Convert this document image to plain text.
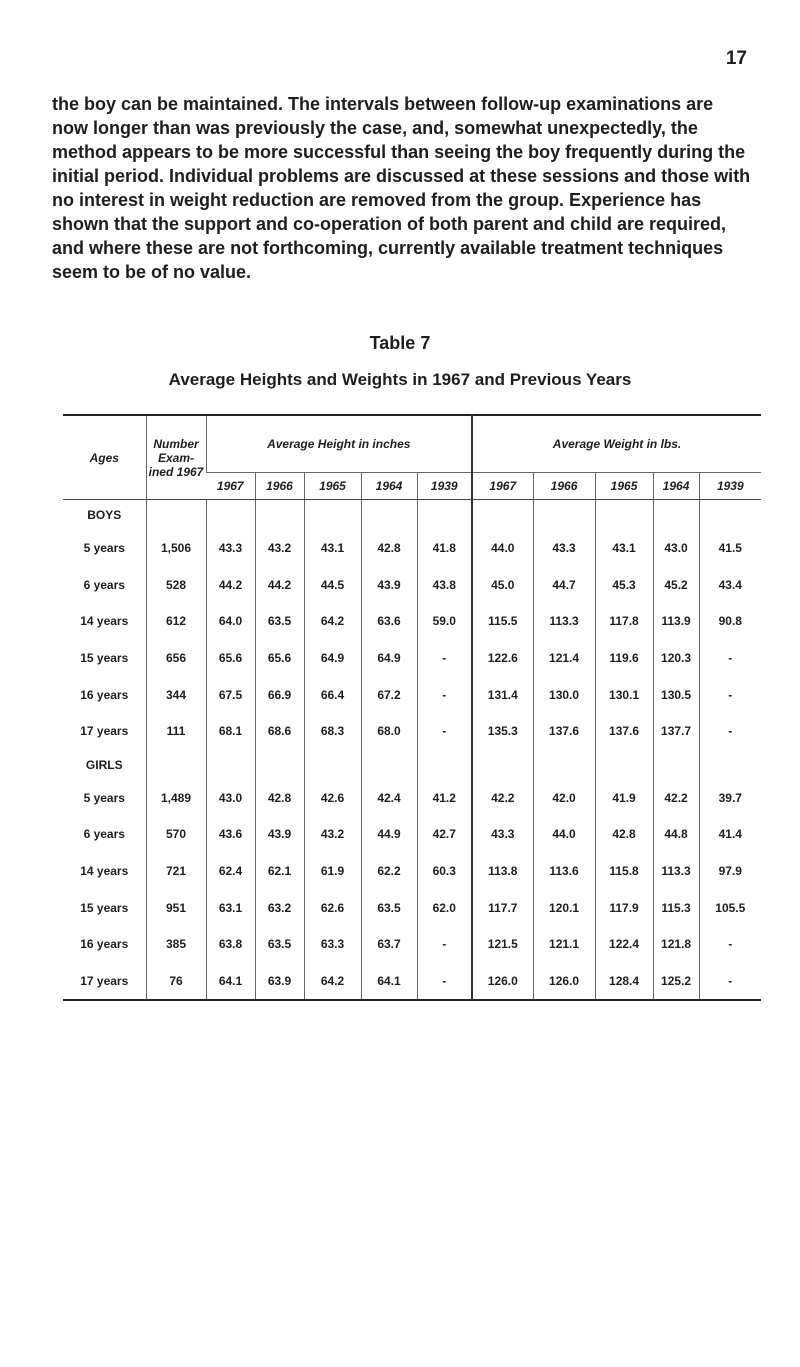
17

the boy can be maintained. The intervals between follow-up examinations are now longer than was previously the case, and, somewhat unexpectedly, the method appears to be more successful than seeing the boy frequently during the initial period. Individual problems are discussed at these sessions and those with no interest in weight reduction are removed from the group. Experience has shown that the support and co-operation of both parent and child are required, and where these are not forthcoming, currently available treatment techniques seem to be of no value.

Table 7
Average Heights and Weights in 1967 and Previous Years
Ages	Number Exam-ined 1967	Average Height in inches					Average Weight in lbs.				
		1967	1966	1965	1964	1939	1967	1966	1965	1964	1939
BOYS											
5 years	1,506	43.3	43.2	43.1	42.8	41.8	44.0	43.3	43.1	43.0	41.5
6 years	528	44.2	44.2	44.5	43.9	43.8	45.0	44.7	45.3	45.2	43.4
14 years	612	64.0	63.5	64.2	63.6	59.0	115.5	113.3	117.8	113.9	90.8
15 years	656	65.6	65.6	64.9	64.9	-	122.6	121.4	119.6	120.3	-
16 years	344	67.5	66.9	66.4	67.2	-	131.4	130.0	130.1	130.5	-
17 years	111	68.1	68.6	68.3	68.0	-	135.3	137.6	137.6	137.7	-
GIRLS											
5 years	1,489	43.0	42.8	42.6	42.4	41.2	42.2	42.0	41.9	42.2	39.7
6 years	570	43.6	43.9	43.2	44.9	42.7	43.3	44.0	42.8	44.8	41.4
14 years	721	62.4	62.1	61.9	62.2	60.3	113.8	113.6	115.8	113.3	97.9
15 years	951	63.1	63.2	62.6	63.5	62.0	117.7	120.1	117.9	115.3	105.5
16 years	385	63.8	63.5	63.3	63.7	-	121.5	121.1	122.4	121.8	-
17 years	76	64.1	63.9	64.2	64.1	-	126.0	126.0	128.4	125.2	-
